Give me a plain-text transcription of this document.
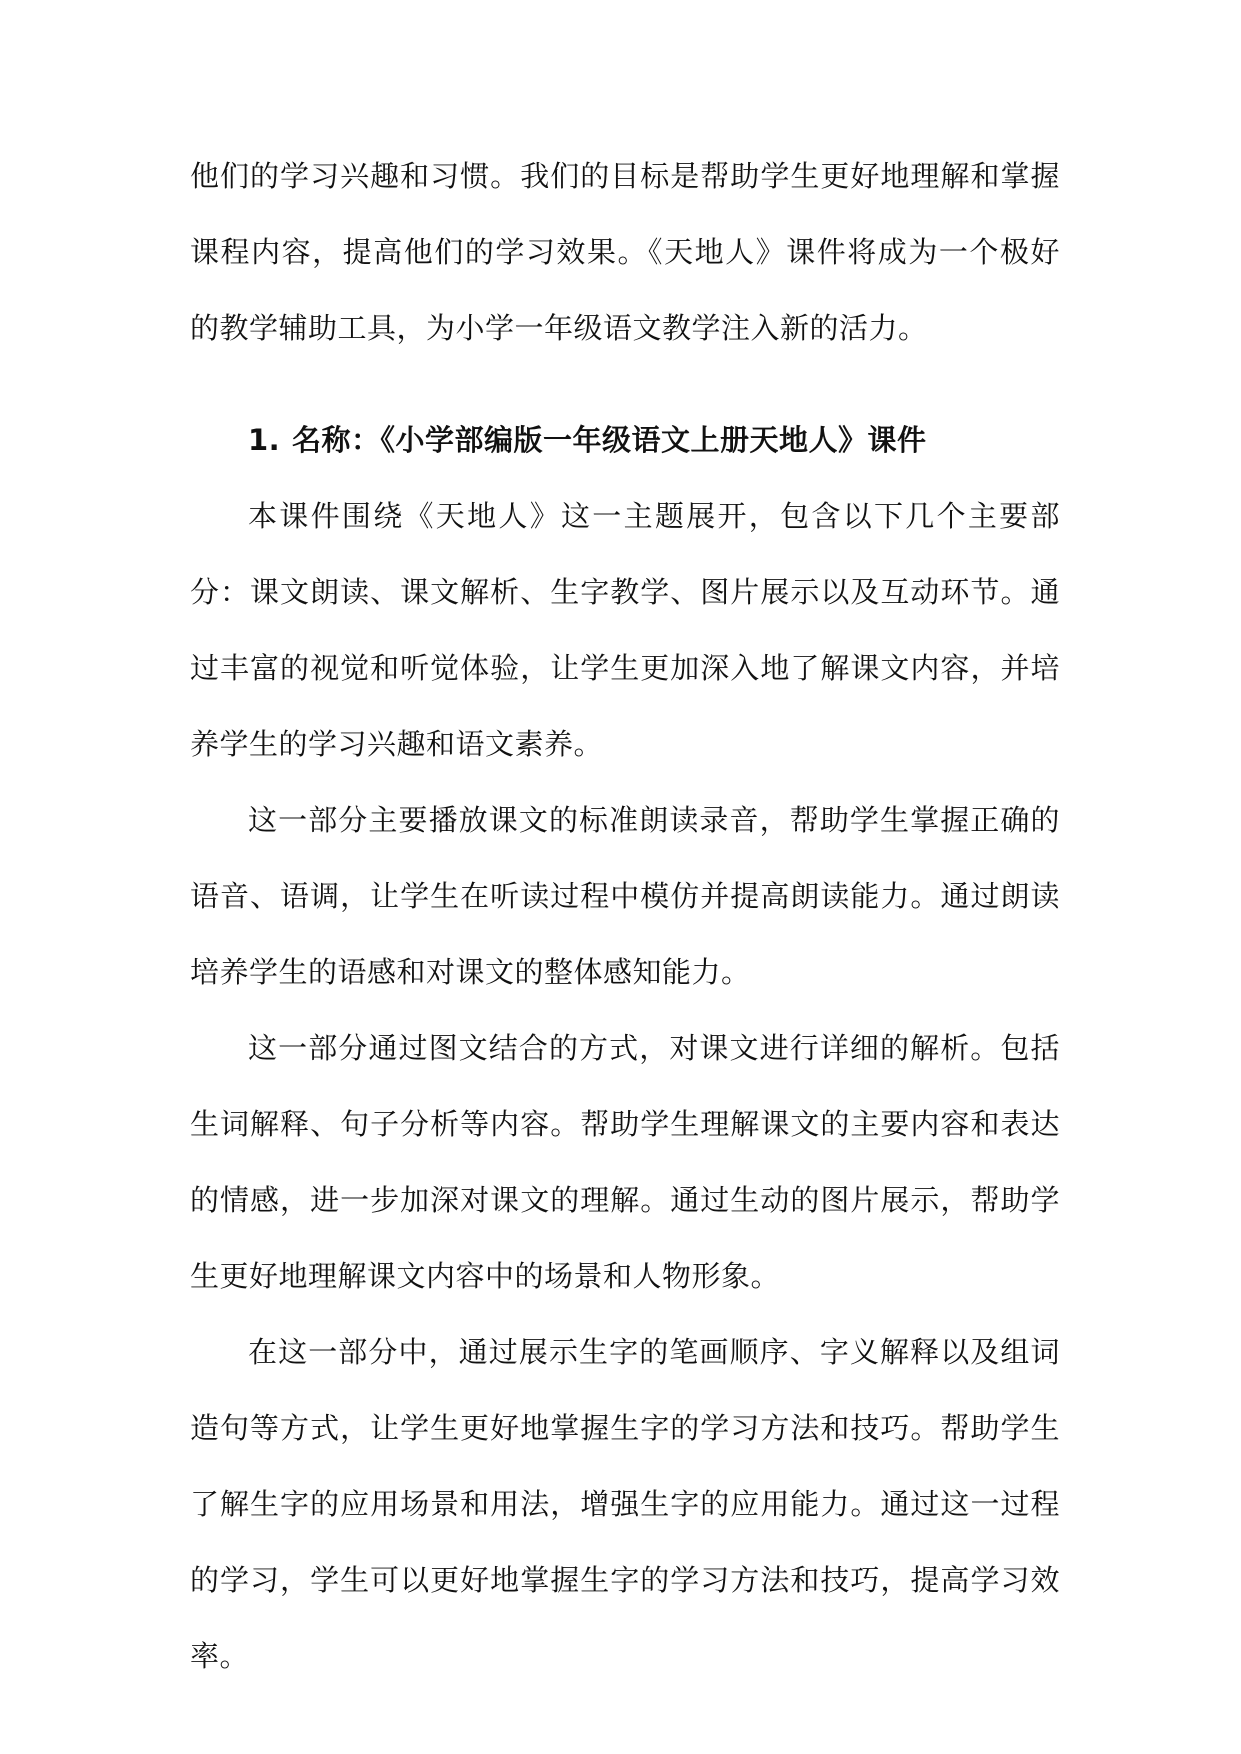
他们的学习兴趣和习惯。我们的目标是帮助学生更好地理解和掌握课程内容，提高他们的学习效果。《天地人》课件将成为一个极好的教学辅助工具，为小学一年级语文教学注入新的活力。

1. 名称：《小学部编版一年级语文上册天地人》课件

本课件围绕《天地人》这一主题展开，包含以下几个主要部分：课文朗读、课文解析、生字教学、图片展示以及互动环节。通过丰富的视觉和听觉体验，让学生更加深入地了解课文内容，并培养学生的学习兴趣和语文素养。

这一部分主要播放课文的标准朗读录音，帮助学生掌握正确的语音、语调，让学生在听读过程中模仿并提高朗读能力。通过朗读培养学生的语感和对课文的整体感知能力。

这一部分通过图文结合的方式，对课文进行详细的解析。包括生词解释、句子分析等内容。帮助学生理解课文的主要内容和表达的情感，进一步加深对课文的理解。通过生动的图片展示，帮助学生更好地理解课文内容中的场景和人物形象。

在这一部分中，通过展示生字的笔画顺序、字义解释以及组词造句等方式，让学生更好地掌握生字的学习方法和技巧。帮助学生了解生字的应用场景和用法，增强生字的应用能力。通过这一过程的学习，学生可以更好地掌握生字的学习方法和技巧，提高学习效率。
